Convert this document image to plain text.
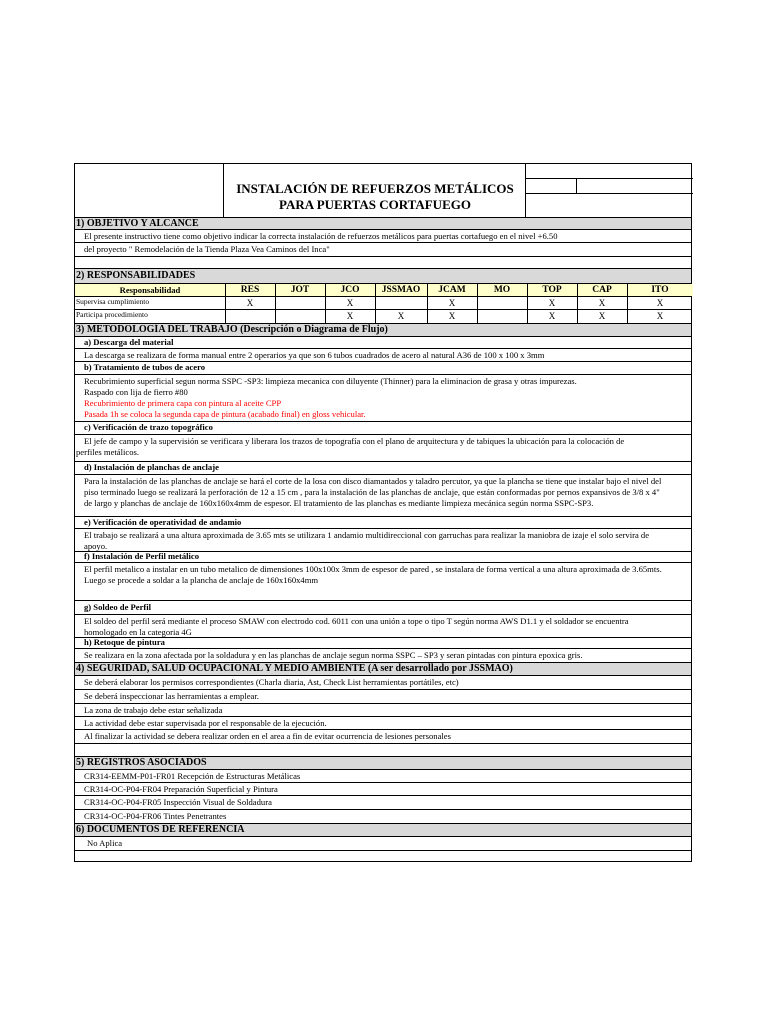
INSTALACIÓN DE REFUERZOS METÁLICOS
PARA PUERTAS CORTAFUEGO
1) OBJETIVO Y ALCANCE
El presente instructivo tiene como objetivo indicar la correcta instalación de refuerzos metálicos para puertas cortafuego en el nivel +6.50
del proyecto " Remodelación de la Tienda Plaza Vea Caminos del Inca"
2) RESPONSABILIDADES
Responsabilidad
Supervisa cumplimiento
Participa procedimiento
3) METODOLOGÍA DEL TRABAJO (Descripción o Diagrama de Flujo)
a) Descarga del material
La descarga se realizara de forma manual entre 2 operarios ya que son 6 tubos cuadrados de acero al natural A36 de 100 x 100 x 3mm
b) Tratamiento de tubos de acero
Recubrimiento superficial segun norma SSPC -SP3: limpieza mecanica con diluyente (Thinner) para la eliminacion de grasa y otras impurezas.
Raspado con lija de fierro #80
Recubrimiento de primera capa con pintura al aceite CPP
Pasada 1h se coloca la segunda capa de pintura (acabado final) en gloss vehicular.
c) Verificación de trazo topográfico
El jefe de campo y la supervisión se verificara y liberara los trazos de topografía con el plano de arquitectura y de tabiques la ubicación para la colocación de
perfiles metálicos.
d) Instalación de planchas de anclaje
Para la instalación de las planchas de anclaje se hará el corte de la losa con disco diamantados y taladro percutor, ya que la plancha se tiene que instalar bajo el nivel del
piso terminado luego se realizará la perforación de 12 a 15 cm , para la instalación de las planchas de anclaje, que están conformadas por pernos expansivos de 3/8 x 4"
de largo y planchas de anclaje de 160x160x4mm de espesor. El tratamiento de las planchas es mediante limpieza mecánica según norma SSPC-SP3.
e) Verificación de operatividad de andamio
El trabajo se realizará a una altura aproximada de 3.65 mts se utilizara 1 andamio multidireccional con garruchas para realizar la maniobra de izaje el solo servira de
apoyo.
f) Instalación de Perfil metálico
El perfil metalico a instalar en un tubo metalico de dimensiones 100x100x 3mm de espesor de pared , se instalara de forma vertical a una altura aproximada de 3.65mts.
Luego se procede a soldar a la plancha de anclaje de 160x160x4mm
g) Soldeo de Perfil
El soldeo del perfil será mediante el proceso SMAW con electrodo cod. 6011 con una unión a tope o tipo T según norma AWS D1.1 y el soldador se encuentra
homologado en la categoria 4G
h) Retoque de pintura
Se realizara en la zona afectada por la soldadura y en las planchas de anclaje segun norma SSPC – SP3 y seran pintadas con pintura epoxica gris.
4) SEGURIDAD, SALUD OCUPACIONAL Y MEDIO AMBIENTE (A ser desarrollado por JSSMAO)
Se deberá elaborar los permisos correspondientes (Charla diaria, Ast, Check List herramientas portátiles, etc)
Se deberá inspeccionar las herramientas a emplear.
La zona de trabajo debe estar señalizada
La actividad debe estar supervisada por el responsable de la ejecución.
Al finalizar la actividad se debera realizar orden en el area a fin de evitar ocurrencia de lesiones personales
5) REGISTROS ASOCIADOS
CR314-EEMM-P01-FR01 Recepción de Estructuras Metálicas
CR314-OC-P04-FR04 Preparación Superficial y Pintura
CR314-OC-P04-FR05 Inspección Visual de Soldadura
CR314-OC-P04-FR06 Tintes Penetrantes
6) DOCUMENTOS DE REFERENCIA
No Aplica
RES
X
JOT	JCO
X
X
JSSMAO
X
JCAM
X
X
MO	TOP
X
X
CAP
X
X
ITO
X
X
